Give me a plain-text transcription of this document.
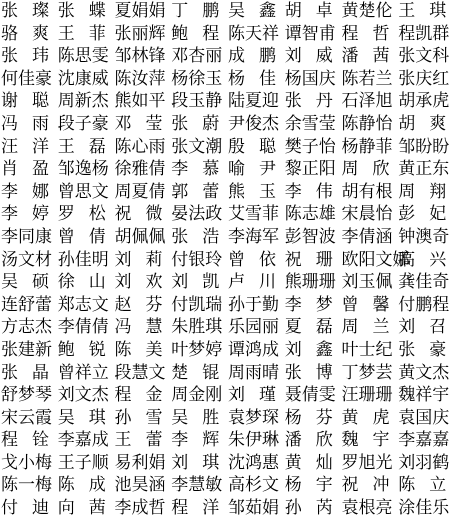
张璨
张蝶
夏娟娟 丁鹏
吴鑫
胡卓
黄楚伦 王琪
骆爽
王菲
张丽辉 鲍程
陈天祥 谭智甫 程哲
程凯群
张玮
陈思雯 邹林锋 邓杏丽 成鹏
刘威
潘茜
张文科
何佳豪 沈康威 陈汝萍 杨徐玉 杨佳
杨国庆 陈若兰 张庆红
谢聪
周新杰 熊如平 段玉静 陆夏迎 张丹
石泽旭 胡承虎
冯雨
段子豪 邓莹
张蔚
尹俊杰 余雪莹 陈静怡 胡爽
汪洋
王磊
陈心雨 张文潮 殷聪
樊子怡 杨静菲 邹盼盼
肖盈
邹逸杨 徐雅倩 李慕
喻尹
黎正阳 周欣
黄正东
李娜
曾思文 周夏倩 郭蕾
熊玉
李伟
胡有根 周翔
李婷
罗松
祝微
晏法政 艾雪菲 陈志雄 宋晨怡 彭妃
李同康 曾倩
胡佩佩 张浩
李海军 彭智波 李倩涵 钟澳奇
汤文材 孙佳明 刘莉
付银玲 曾依
祝珊
欧阳文娜
高兴
吴硕
徐山
刘欢
刘凯
卢川
熊珊珊 刘玉佩 龚佳奇
连舒蕾 郑志文 赵芬
付凯瑞 孙于勤 李梦
曾馨
付鹏程
方志杰 李倩倩 冯慧
朱胜琪 乐园丽 夏磊
周兰
刘召
张建新 鲍锐
陈美
叶梦婷 谭鸿成 刘鑫
叶士纪 张豪
张晶
曾祥立 段慧文 楚锟
周雨晴 张博
丁梦芸 黄文杰
舒梦琴 刘文杰 程金
周金刚 刘瑾
聂倩雯 汪珊珊 魏祥宇
宋云霞 吴琪
孙雪
吴胜
袁梦琛 杨芬
黄虎
袁国庆
程铨
李嘉成 王蕾
李辉
朱伊琳 潘欣
魏宇
李嘉嘉
戈小梅 王子顺 易利娟 刘琪
沈鸿惠 黄灿
罗旭光 刘羽鹤
陈一梅 陈成
池昊涵 李慧敏 高杉文 杨宇
祝冲
陈立
付迪
向茜
李成哲 程洋
邹茹娟 孙芮
袁根亮 涂佳乐
